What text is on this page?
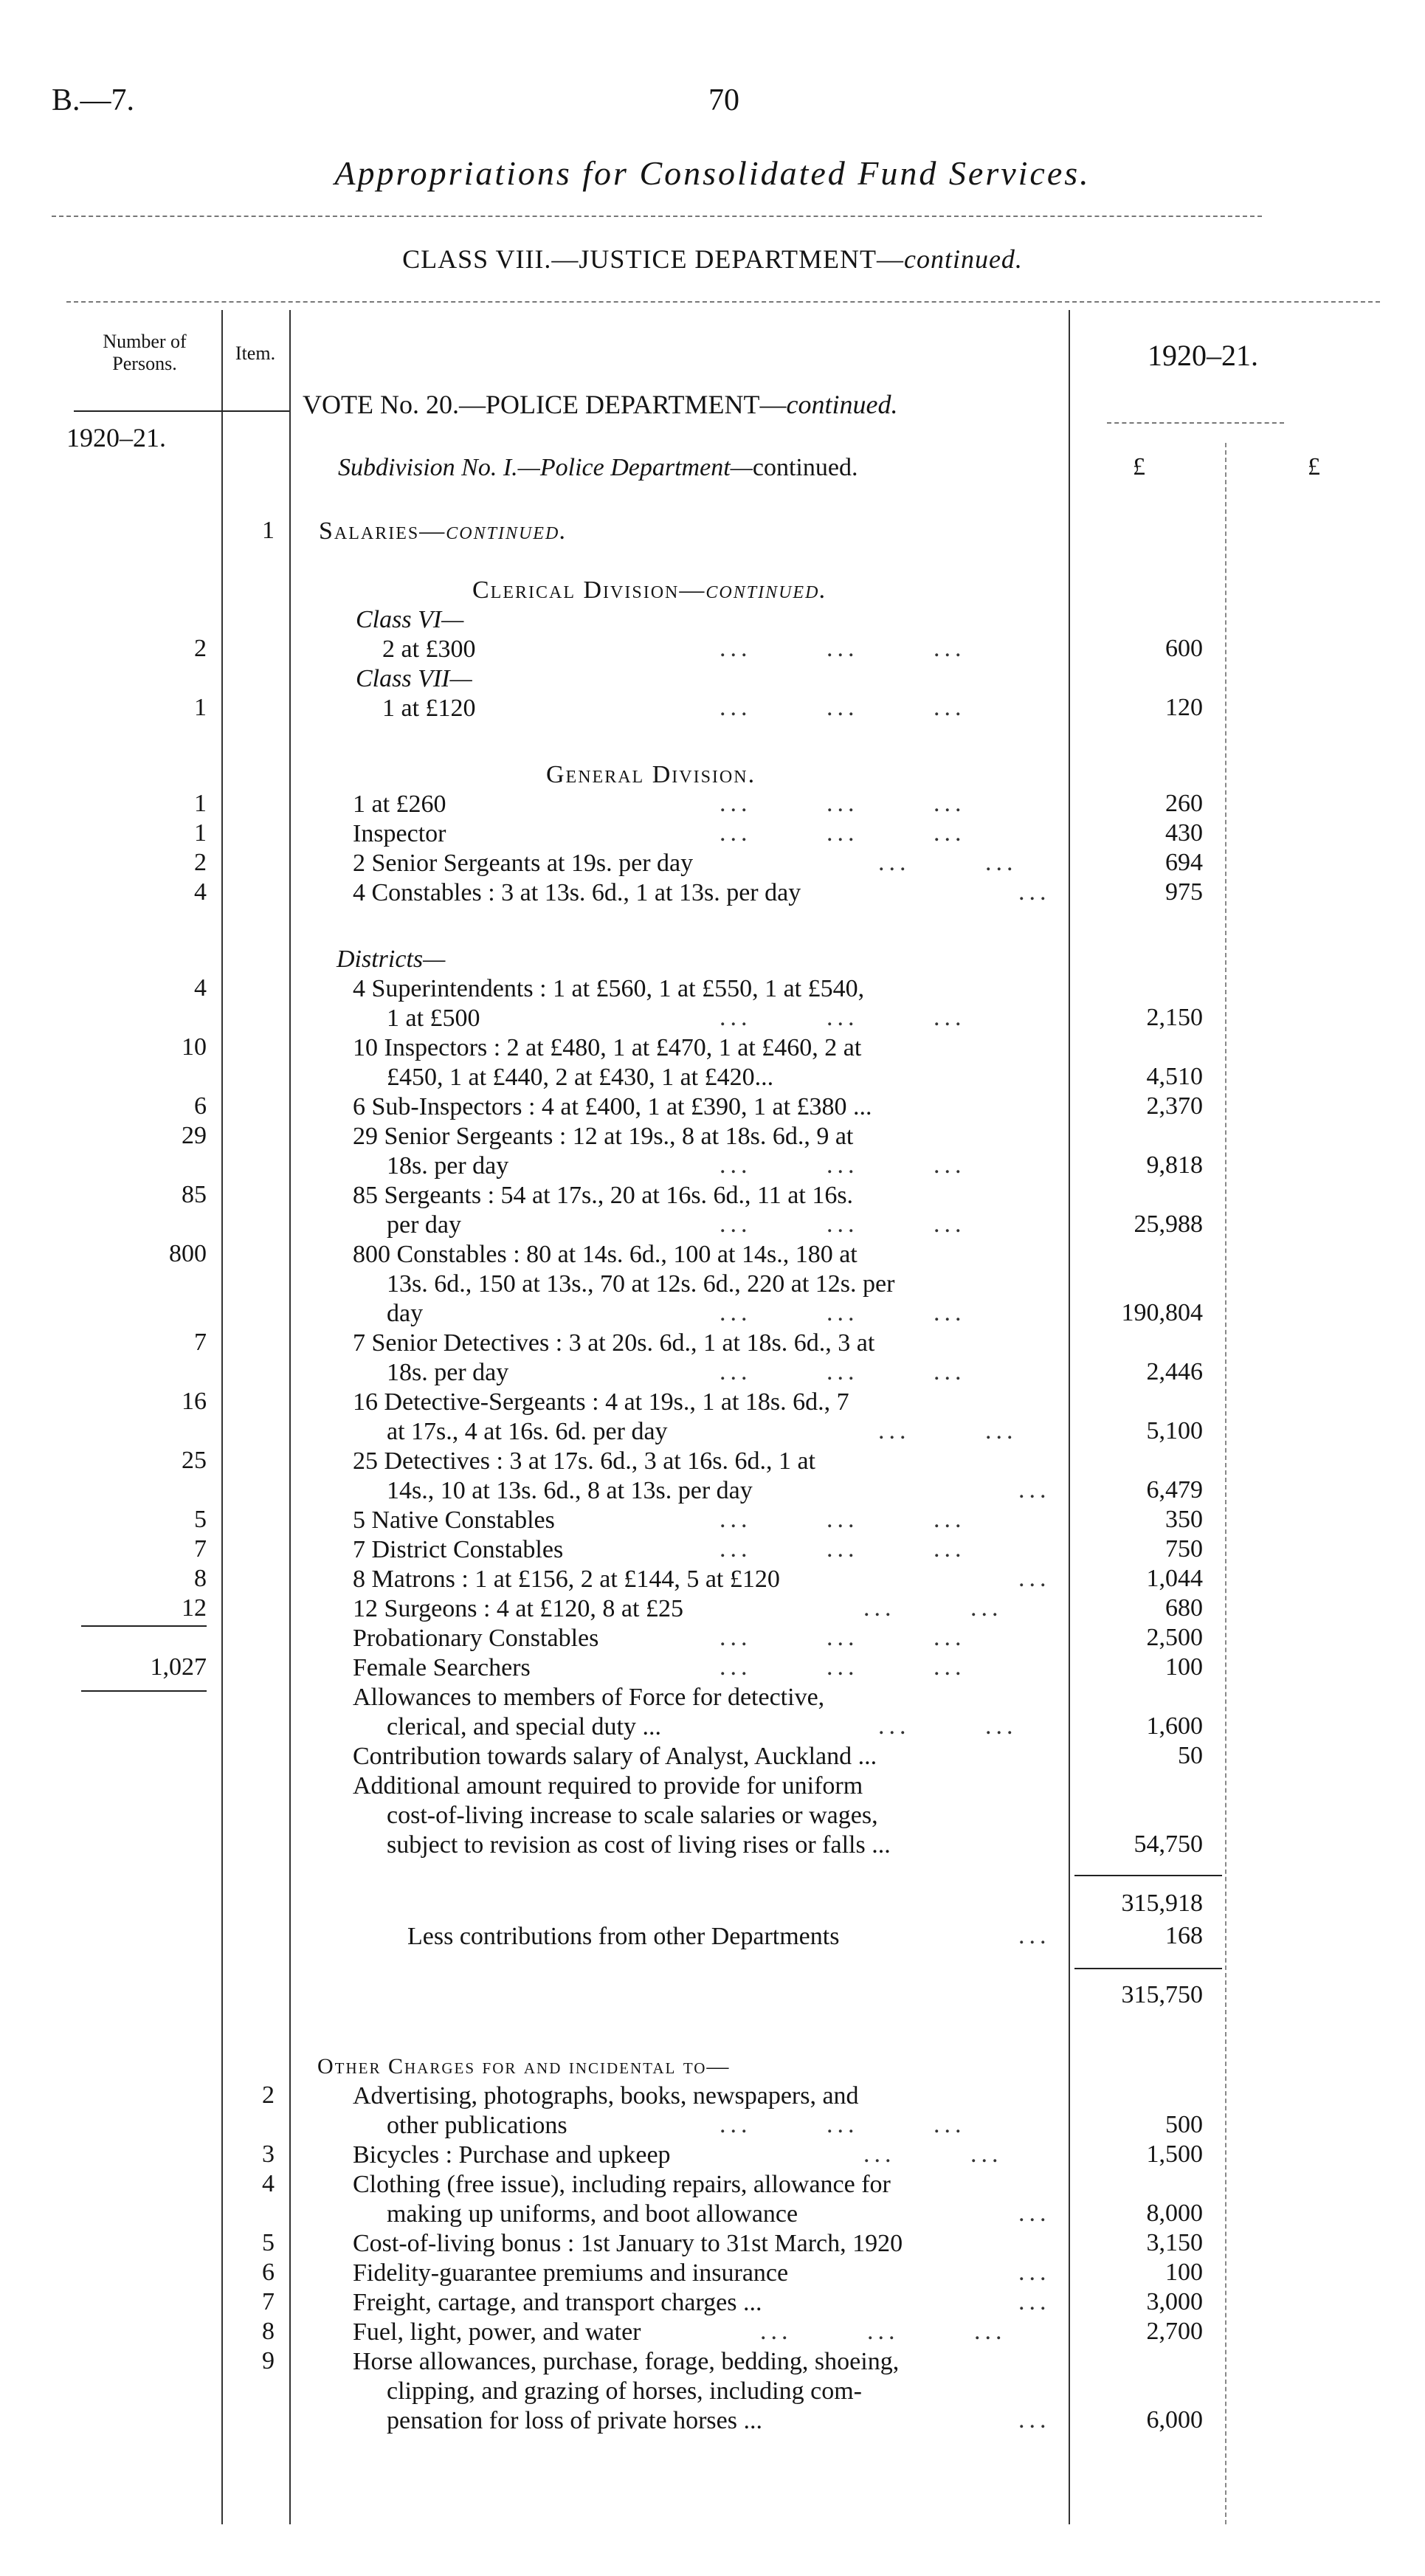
B.—7.	70
Appropriations for Consolidated Fund Services.
CLASS VIII.—JUSTICE DEPARTMENT—continued.
Number of Persons.	Item.	1920–21.
1920–21.
£	£
VOTE No. 20.—POLICE DEPARTMENT—continued.
Subdivision No. I.—Police Department—continued.
1 Salaries—continued.
Clerical Division—continued.
Class VI—
2	2 at £300	...       ...       ...	600
Class VII—
1	1 at £120	...       ...       ...	120
General Division.
1	1 at £260	...       ...       ...	260
1	Inspector	...       ...       ...	430
2	2 Senior Sergeants at 19s. per day	...       ...	694
4	4 Constables : 3 at 13s. 6d., 1 at 13s. per day	...	975
Districts—
4	4 Superintendents : 1 at £560, 1 at £550, 1 at £540,
1 at £500	...       ...       ...	2,150
10	10 Inspectors : 2 at £480, 1 at £470, 1 at £460, 2 at
£450, 1 at £440, 2 at £430, 1 at £420...	4,510
6	6 Sub-Inspectors : 4 at £400, 1 at £390, 1 at £380 ...	2,370
29	29 Senior Sergeants : 12 at 19s., 8 at 18s. 6d., 9 at
18s. per day	...       ...       ...	9,818
85	85 Sergeants : 54 at 17s., 20 at 16s. 6d., 11 at 16s.
per day	...       ...       ...	25,988
800	800 Constables : 80 at 14s. 6d., 100 at 14s., 180 at
13s. 6d., 150 at 13s., 70 at 12s. 6d., 220 at 12s. per
day	...       ...       ...	190,804
7	7 Senior Detectives : 3 at 20s. 6d., 1 at 18s. 6d., 3 at
18s. per day	...       ...       ...	2,446
16	16 Detective-Sergeants : 4 at 19s., 1 at 18s. 6d., 7
at 17s., 4 at 16s. 6d. per day	...       ...	5,100
25	25 Detectives : 3 at 17s. 6d., 3 at 16s. 6d., 1 at
14s., 10 at 13s. 6d., 8 at 13s. per day	...	6,479
5	5 Native Constables	...       ...       ...	350
7	7 District Constables	...       ...       ...	750
8	8 Matrons : 1 at £156, 2 at £144, 5 at £120	...	1,044
12	12 Surgeons : 4 at £120, 8 at £25	...       ...	680
Probationary Constables	...       ...       ...	2,500
1,027	Female Searchers	...       ...       ...	100
Allowances to members of Force for detective,
clerical, and special duty ...	...       ...	1,600
Contribution towards salary of Analyst, Auckland ...	50
Additional amount required to provide for uniform
cost-of-living increase to scale salaries or wages,
subject to revision as cost of living rises or falls ...	54,750
315,918
Less contributions from other Departments	...	168
315,750
Other Charges for and incidental to—
2	Advertising, photographs, books, newspapers, and
other publications	...       ...       ...	500
3	Bicycles : Purchase and upkeep	...       ...	1,500
4	Clothing (free issue), including repairs, allowance for
making up uniforms, and boot allowance	...	8,000
5	Cost-of-living bonus : 1st January to 31st March, 1920	3,150
6	Fidelity-guarantee premiums and insurance	...	100
7	Freight, cartage, and transport charges ...	...	3,000
8	Fuel, light, power, and water	...       ...       ...	2,700
9	Horse allowances, purchase, forage, bedding, shoeing,
clipping, and grazing of horses, including com-
pensation for loss of private horses ...	...	6,000
